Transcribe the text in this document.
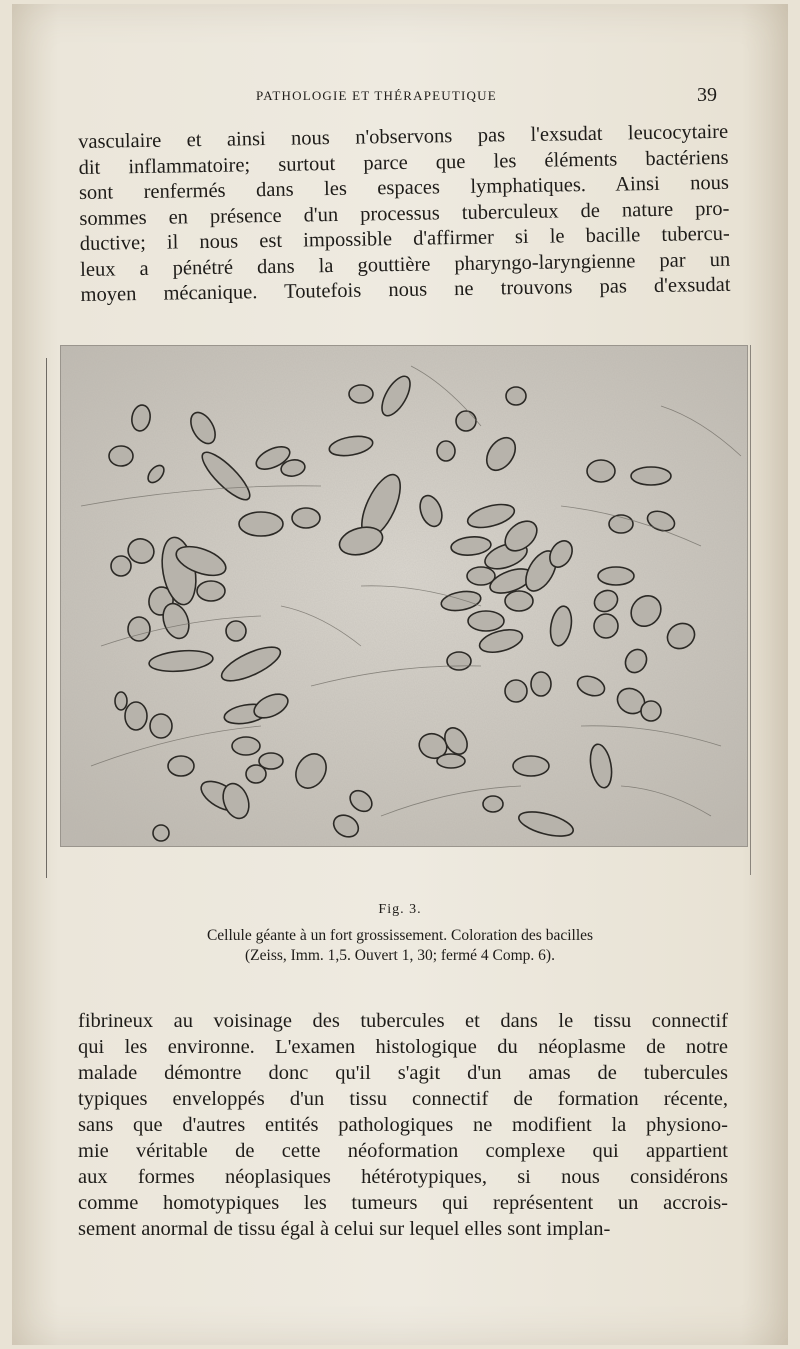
PATHOLOGIE ET THÉRAPEUTIQUE	39
vasculaire et ainsi nous n'observons pas l'exsudat leucocytaire
dit inflammatoire; surtout parce que les éléments bactériens
sont renfermés dans les espaces lymphatiques. Ainsi nous
sommes en présence d'un processus tuberculeux de nature pro-
ductive; il nous est impossible d'affirmer si le bacille tubercu-
leux a pénétré dans la gouttière pharyngo-laryngienne par un
moyen mécanique. Toutefois nous ne trouvons pas d'exsudat
Fig. 3.
Cellule géante à un fort grossissement. Coloration des bacilles
(Zeiss, Imm. 1,5. Ouvert 1, 30; fermé 4 Comp. 6).
fibrineux au voisinage des tubercules et dans le tissu connectif
qui les environne. L'examen histologique du néoplasme de notre
malade démontre donc qu'il s'agit d'un amas de tubercules
typiques enveloppés d'un tissu connectif de formation récente,
sans que d'autres entités pathologiques ne modifient la physiono-
mie véritable de cette néoformation complexe qui appartient
aux formes néoplasiques hétérotypiques, si nous considérons
comme homotypiques les tumeurs qui représentent un accrois-
sement anormal de tissu égal à celui sur lequel elles sont implan-
